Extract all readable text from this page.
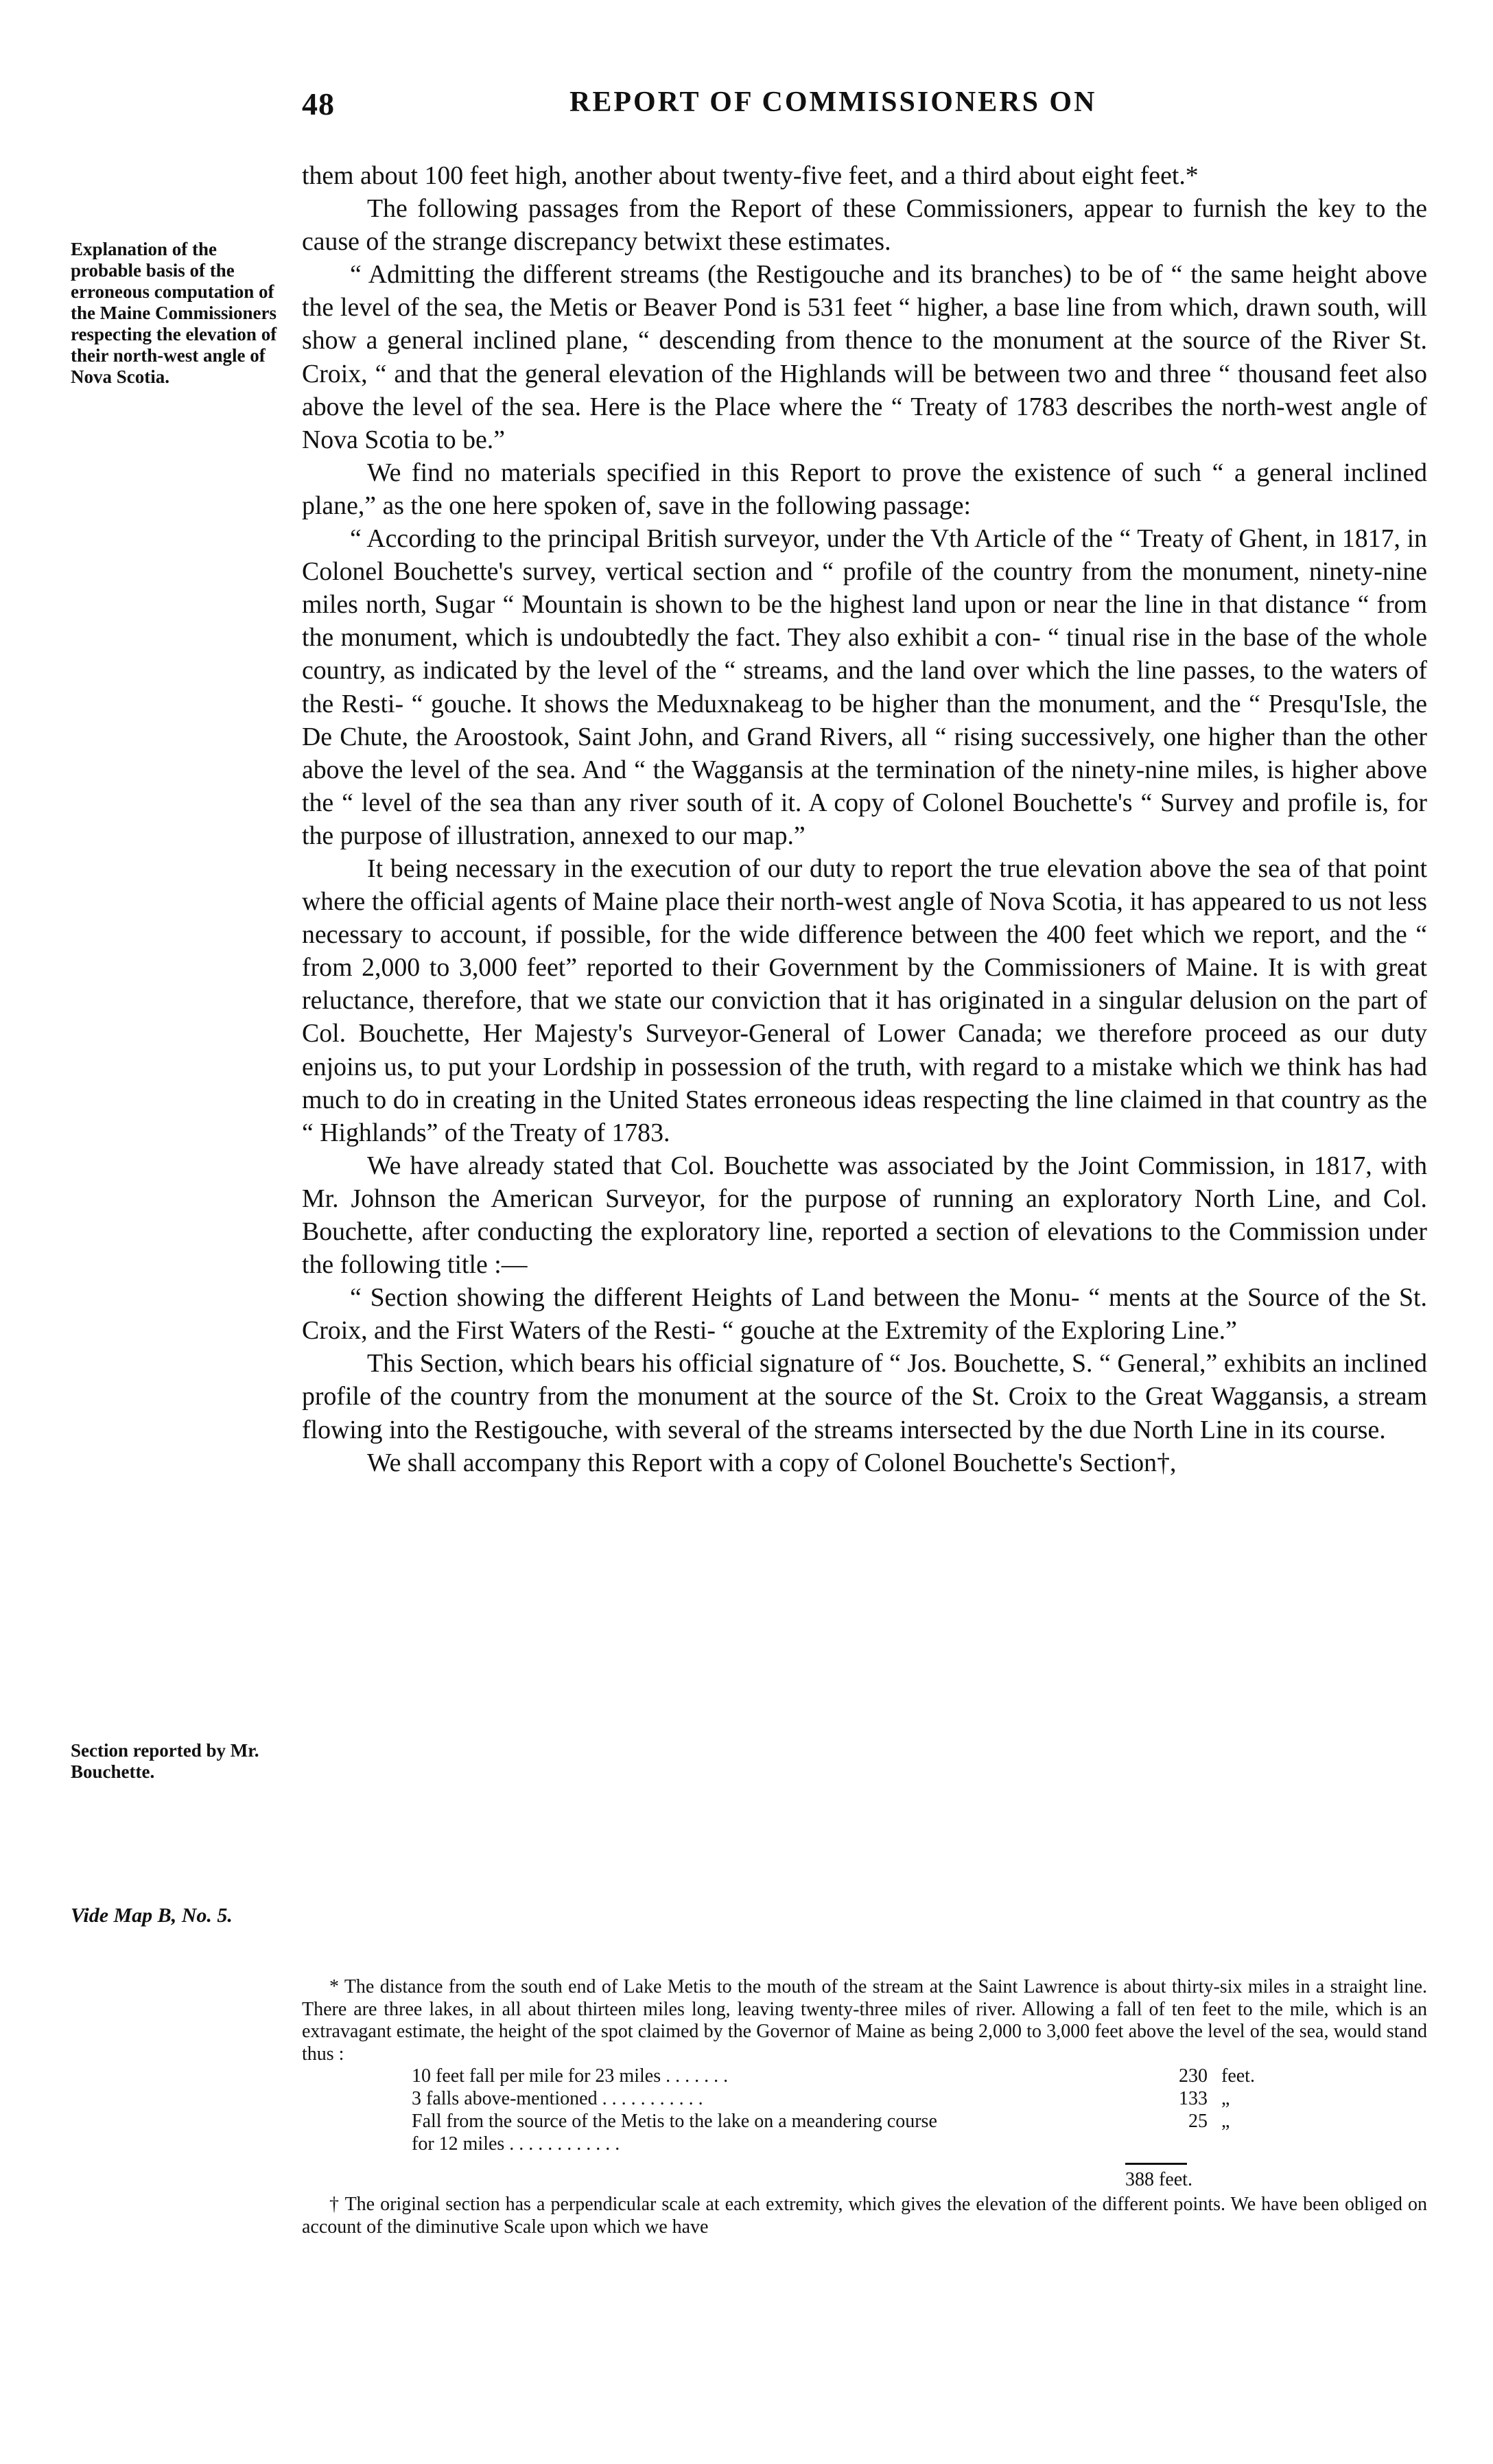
48	REPORT OF COMMISSIONERS ON
Explanation of the probable basis of the erroneous computation of the Maine Commissioners respecting the elevation of their north-west angle of Nova Scotia.
Section reported by Mr. Bouchette.
Vide Map B, No. 5.

them about 100 feet high, another about twenty-five feet, and a third about eight feet.*

The following passages from the Report of these Commissioners, appear to furnish the key to the cause of the strange discrepancy betwixt these estimates.

“ Admitting the different streams (the Restigouche and its branches) to be of “ the same height above the level of the sea, the Metis or Beaver Pond is 531 feet “ higher, a base line from which, drawn south, will show a general inclined plane, “ descending from thence to the monument at the source of the River St. Croix, “ and that the general elevation of the Highlands will be between two and three “ thousand feet also above the level of the sea. Here is the Place where the “ Treaty of 1783 describes the north-west angle of Nova Scotia to be.”

We find no materials specified in this Report to prove the existence of such “ a general inclined plane,” as the one here spoken of, save in the following passage:

“ According to the principal British surveyor, under the Vth Article of the “ Treaty of Ghent, in 1817, in Colonel Bouchette's survey, vertical section and “ profile of the country from the monument, ninety-nine miles north, Sugar “ Mountain is shown to be the highest land upon or near the line in that distance “ from the monument, which is undoubtedly the fact. They also exhibit a con- “ tinual rise in the base of the whole country, as indicated by the level of the “ streams, and the land over which the line passes, to the waters of the Resti- “ gouche. It shows the Meduxnakeag to be higher than the monument, and the “ Presqu'Isle, the De Chute, the Aroostook, Saint John, and Grand Rivers, all “ rising successively, one higher than the other above the level of the sea. And “ the Waggansis at the termination of the ninety-nine miles, is higher above the “ level of the sea than any river south of it. A copy of Colonel Bouchette's “ Survey and profile is, for the purpose of illustration, annexed to our map.”

It being necessary in the execution of our duty to report the true elevation above the sea of that point where the official agents of Maine place their north-west angle of Nova Scotia, it has appeared to us not less necessary to account, if possible, for the wide difference between the 400 feet which we report, and the “ from 2,000 to 3,000 feet” reported to their Government by the Commissioners of Maine. It is with great reluctance, therefore, that we state our conviction that it has originated in a singular delusion on the part of Col. Bouchette, Her Majesty's Surveyor-General of Lower Canada; we therefore proceed as our duty enjoins us, to put your Lordship in possession of the truth, with regard to a mistake which we think has had much to do in creating in the United States erroneous ideas respecting the line claimed in that country as the “ Highlands” of the Treaty of 1783.

We have already stated that Col. Bouchette was associated by the Joint Commission, in 1817, with Mr. Johnson the American Surveyor, for the purpose of running an exploratory North Line, and Col. Bouchette, after conducting the exploratory line, reported a section of elevations to the Commission under the following title :—

“ Section showing the different Heights of Land between the Monu- “ ments at the Source of the St. Croix, and the First Waters of the Resti- “ gouche at the Extremity of the Exploring Line.”

This Section, which bears his official signature of “ Jos. Bouchette, S. “ General,” exhibits an inclined profile of the country from the monument at the source of the St. Croix to the Great Waggansis, a stream flowing into the Restigouche, with several of the streams intersected by the due North Line in its course.

We shall accompany this Report with a copy of Colonel Bouchette's Section†,

* The distance from the south end of Lake Metis to the mouth of the stream at the Saint Lawrence is about thirty-six miles in a straight line. There are three lakes, in all about thirteen miles long, leaving twenty-three miles of river. Allowing a fall of ten feet to the mile, which is an extravagant estimate, the height of the spot claimed by the Governor of Maine as being 2,000 to 3,000 feet above the level of the sea, would stand thus :

10 feet fall per mile for 23 miles . . . . . . .	230 feet.
3 falls above-mentioned . . . . . . . . . . .	133 „
Fall from the source of the Metis to the lake on a meandering course
for 12 miles . . . . . . . . . . . .
25 „
388 feet.

† The original section has a perpendicular scale at each extremity, which gives the elevation of the different points. We have been obliged on account of the diminutive Scale upon which we have
